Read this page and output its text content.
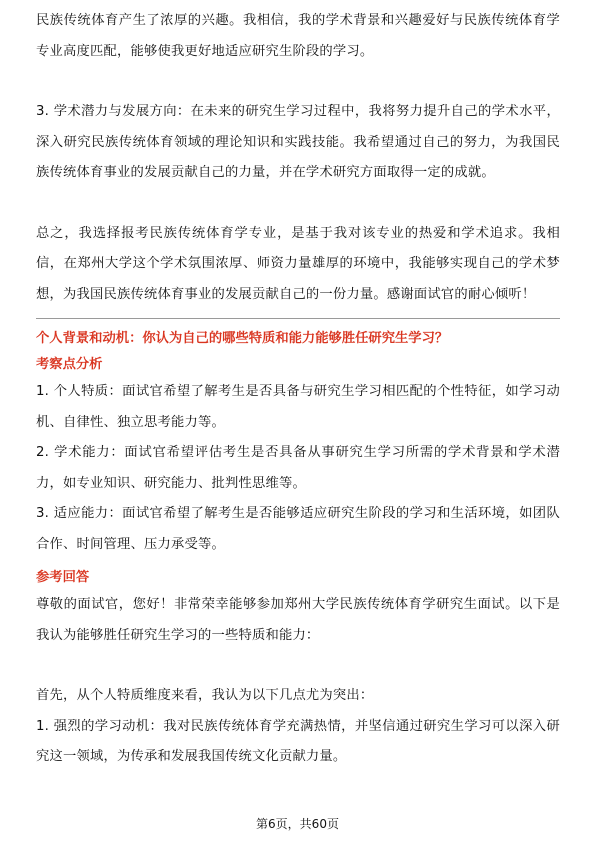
民族传统体育产生了浓厚的兴趣。我相信，我的学术背景和兴趣爱好与民族传统体育学专业高度匹配，能够使我更好地适应研究生阶段的学习。

3. 学术潜力与发展方向：在未来的研究生学习过程中，我将努力提升自己的学术水平，深入研究民族传统体育领域的理论知识和实践技能。我希望通过自己的努力，为我国民族传统体育事业的发展贡献自己的力量，并在学术研究方面取得一定的成就。

总之，我选择报考民族传统体育学专业，是基于我对该专业的热爱和学术追求。我相信，在郑州大学这个学术氛围浓厚、师资力量雄厚的环境中，我能够实现自己的学术梦想，为我国民族传统体育事业的发展贡献自己的一份力量。感谢面试官的耐心倾听！

个人背景和动机：你认为自己的哪些特质和能力能够胜任研究生学习？

考察点分析

1. 个人特质：面试官希望了解考生是否具备与研究生学习相匹配的个性特征，如学习动机、自律性、独立思考能力等。

2. 学术能力：面试官希望评估考生是否具备从事研究生学习所需的学术背景和学术潜力，如专业知识、研究能力、批判性思维等。

3. 适应能力：面试官希望了解考生是否能够适应研究生阶段的学习和生活环境，如团队合作、时间管理、压力承受等。

参考回答

尊敬的面试官，您好！非常荣幸能够参加郑州大学民族传统体育学研究生面试。以下是我认为能够胜任研究生学习的一些特质和能力：

首先，从个人特质维度来看，我认为以下几点尤为突出：

1. 强烈的学习动机：我对民族传统体育学充满热情，并坚信通过研究生学习可以深入研究这一领域，为传承和发展我国传统文化贡献力量。

第6页，共60页
